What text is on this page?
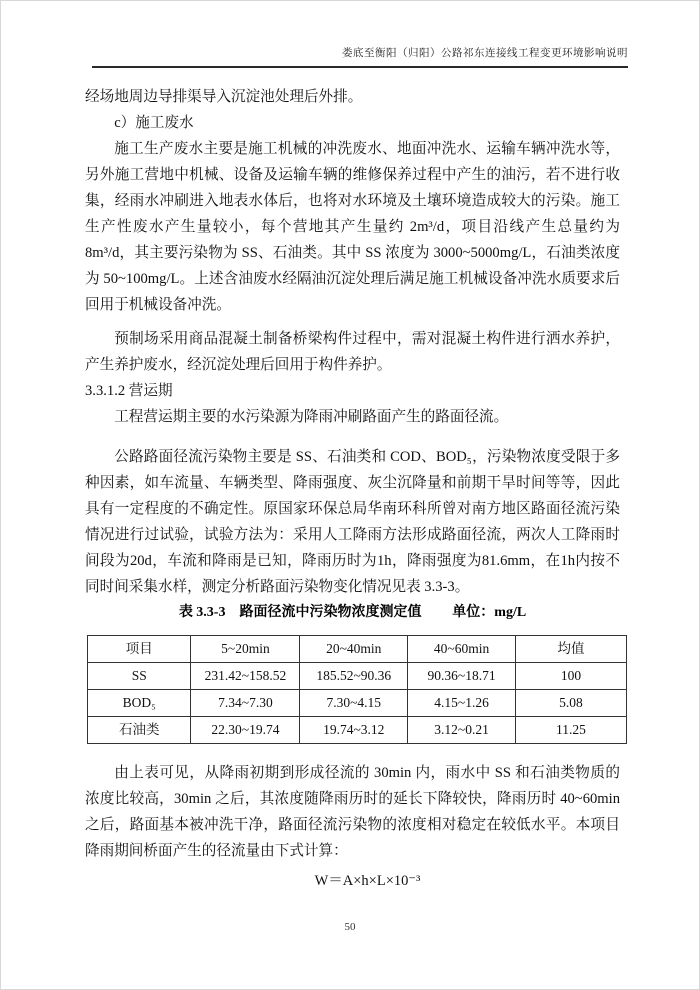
娄底至衡阳（归阳）公路祁东连接线工程变更环境影响说明

经场地周边导排渠导入沉淀池处理后外排。

c）施工废水

施工生产废水主要是施工机械的冲洗废水、地面冲洗水、运输车辆冲洗水等，另外施工营地中机械、设备及运输车辆的维修保养过程中产生的油污，若不进行收集，经雨水冲刷进入地表水体后，也将对水环境及土壤环境造成较大的污染。施工生产性废水产生量较小，每个营地其产生量约 2m³/d，项目沿线产生总量约为 8m³/d，其主要污染物为 SS、石油类。其中 SS 浓度为 3000~5000mg/L，石油类浓度为 50~100mg/L。上述含油废水经隔油沉淀处理后满足施工机械设备冲洗水质要求后回用于机械设备冲洗。

预制场采用商品混凝土制备桥梁构件过程中，需对混凝土构件进行洒水养护，产生养护废水，经沉淀处理后回用于构件养护。

3.3.1.2 营运期

工程营运期主要的水污染源为降雨冲刷路面产生的路面径流。

公路路面径流污染物主要是 SS、石油类和 COD、BOD₅，污染物浓度受限于多种因素，如车流量、车辆类型、降雨强度、灰尘沉降量和前期干旱时间等等，因此具有一定程度的不确定性。原国家环保总局华南环科所曾对南方地区路面径流污染情况进行过试验，试验方法为：采用人工降雨方法形成路面径流，两次人工降雨时间段为20d，车流和降雨是已知，降雨历时为1h，降雨强度为81.6mm，在1h内按不同时间采集水样，测定分析路面污染物变化情况见表 3.3-3。

表 3.3-3　路面径流中污染物浓度测定值 单位：mg/L
项目	5~20min	20~40min	40~60min	均值
SS	231.42~158.52	185.52~90.36	90.36~18.71	100
BOD₅	7.34~7.30	7.30~4.15	4.15~1.26	5.08
石油类	22.30~19.74	19.74~3.12	3.12~0.21	11.25

由上表可见，从降雨初期到形成径流的 30min 内，雨水中 SS 和石油类物质的浓度比较高，30min 之后，其浓度随降雨历时的延长下降较快，降雨历时 40~60min 之后，路面基本被冲洗干净，路面径流污染物的浓度相对稳定在较低水平。本项目降雨期间桥面产生的径流量由下式计算：

W＝A×h×L×10⁻³
50
